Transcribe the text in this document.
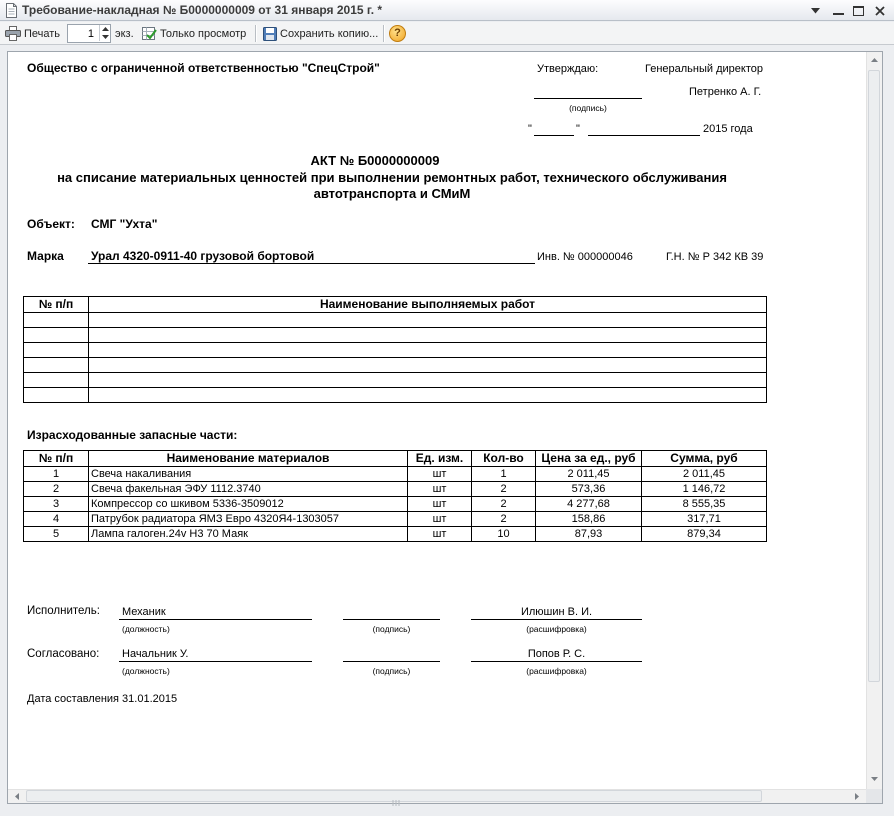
Требование-накладная № Б0000000009 от 31 января 2015 г. *
Печать
1	экз. Только просмотр	Сохранить копию...
?
Общество с ограниченной ответственностью "СпецСтрой"	Утверждаю:	Генеральный директор
(подпись)
Петренко А. Г.
"	"	2015 года
АКТ № Б0000000009
на списание материальных ценностей при выполнении ремонтных работ, технического обслуживания
автотранспорта и СМиМ
Объект: СМГ "Ухта"
Марка Урал 4320-0911-40 грузовой бортовой	Инв. № 000000046	Г.Н. № Р 342 КВ 39
№ п/п	Наименование выполняемых работ

Израсходованные запасные части:
№ п/п	Наименование материалов	Ед. изм.	Кол-во	Цена за ед., руб	Сумма, руб
1	Свеча накаливания	шт	1	2 011,45	2 011,45
2	Свеча факельная ЭФУ 1112.3740	шт	2	573,36	1 146,72
3	Компрессор со шкивом 5336-3509012	шт	2	4 277,68	8 555,35
4	Патрубок радиатора ЯМЗ Евро 4320Я4-1303057	шт	2	158,86	317,71
5	Лампа галоген.24v Н3 70 Маяк	шт	10	87,93	879,34
Исполнитель: Механик
(должность)	(подпись)
Илюшин В. И.
(расшифровка)
Согласовано: Начальник У.
(должность)	(подпись)
Попов Р. С.
(расшифровка)
Дата составления 31.01.2015
